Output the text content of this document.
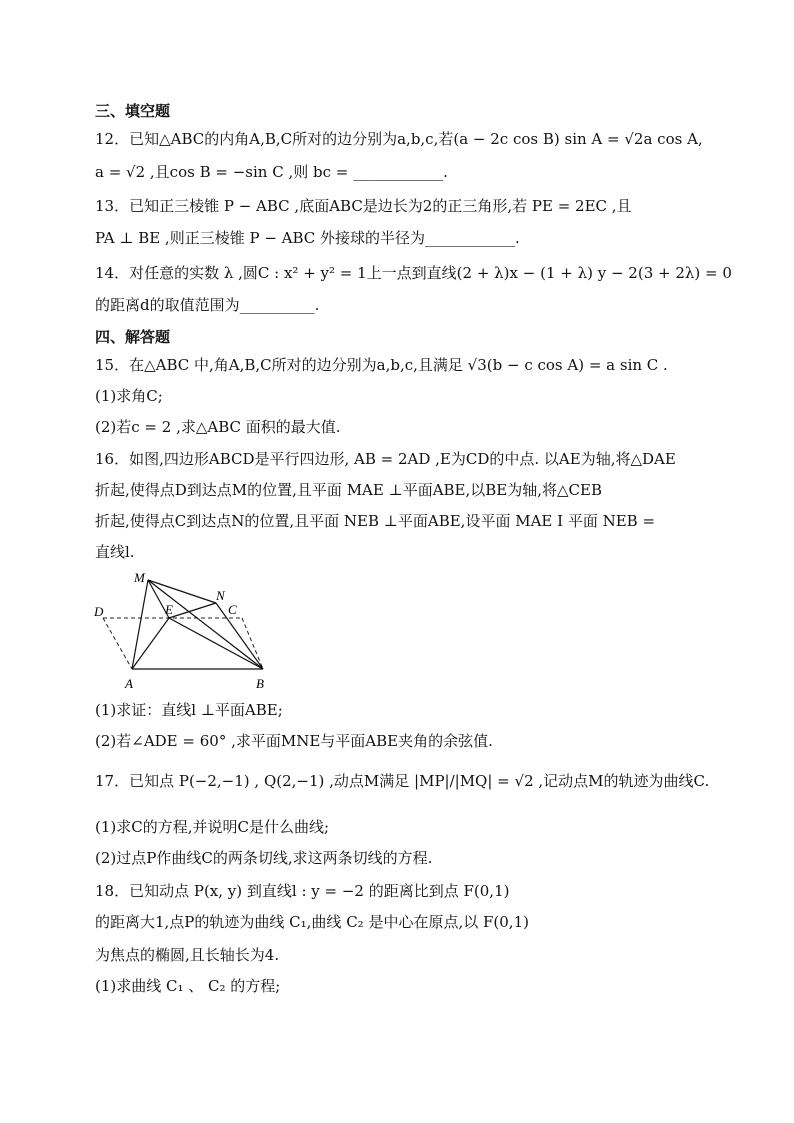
三、填空题
12．已知△ABC的内角A,B,C所对的边分别为a,b,c,若(a − 2c cos B) sin A = √2a cos A,
a = √2 ,且cos B = −sin C ,则 bc = ____________.
13．已知正三棱锥 P − ABC ,底面ABC是边长为2的正三角形,若 PE = 2EC ,且
PA ⊥ BE ,则正三棱锥 P − ABC 外接球的半径为____________.
14．对任意的实数 λ ,圆C : x² + y² = 1上一点到直线(2 + λ)x − (1 + λ) y − 2(3 + 2λ) = 0
的距离d的取值范围为__________.
四、解答题
15．在△ABC 中,角A,B,C所对的边分别为a,b,c,且满足 √3(b − c cos A) = a sin C .
(1)求角C;
(2)若c = 2 ,求△ABC 面积的最大值.
16．如图,四边形ABCD是平行四边形, AB = 2AD ,E为CD的中点. 以AE为轴,将△DAE
折起,使得点D到达点M的位置,且平面 MAE ⊥平面ABE,以BE为轴,将△CEB
折起,使得点C到达点N的位置,且平面 NEB ⊥平面ABE,设平面 MAE I 平面 NEB =
直线l.
M
N
D	E	C
A	B
(1)求证：直线l ⊥平面ABE;
(2)若∠ADE = 60° ,求平面MNE与平面ABE夹角的余弦值.
17．已知点 P(−2,−1) , Q(2,−1) ,动点M满足 |MP|/|MQ| = √2 ,记动点M的轨迹为曲线C.
(1)求C的方程,并说明C是什么曲线;
(2)过点P作曲线C的两条切线,求这两条切线的方程.
18．已知动点 P(x, y) 到直线l : y = −2 的距离比到点 F(0,1)
的距离大1,点P的轨迹为曲线 C₁,曲线 C₂ 是中心在原点,以 F(0,1)
为焦点的椭圆,且长轴长为4.
(1)求曲线 C₁ 、 C₂ 的方程;
